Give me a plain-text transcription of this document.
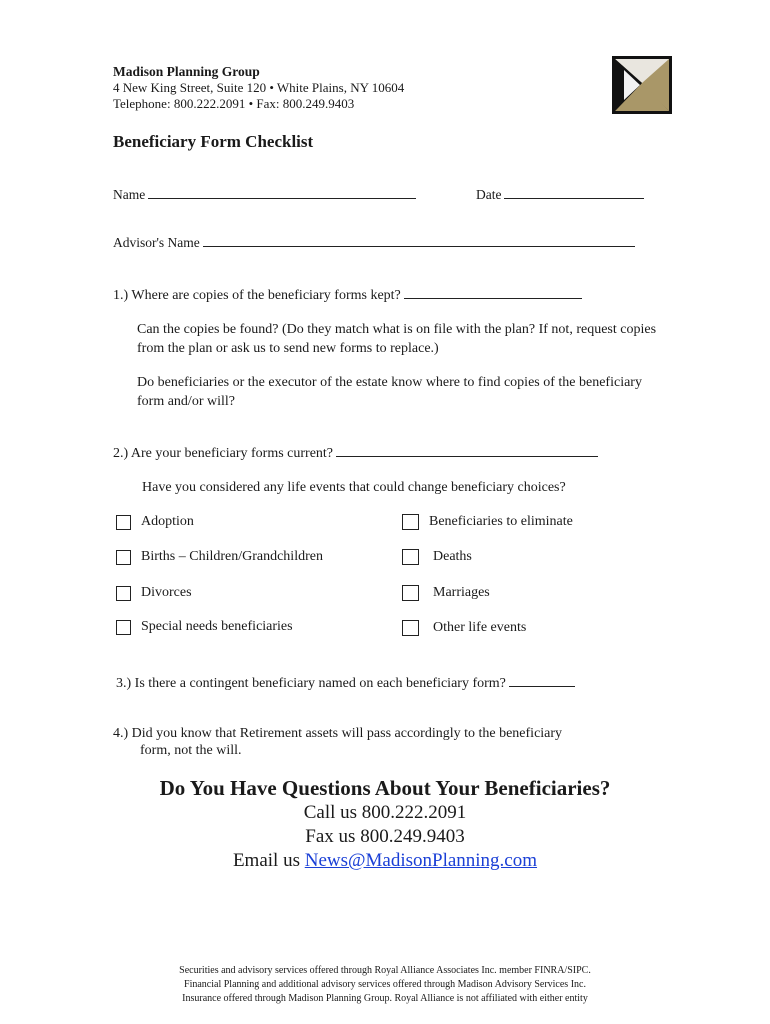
Madison Planning Group
4 New King Street, Suite 120 • White Plains, NY 10604
Telephone: 800.222.2091 • Fax: 800.249.9403
Beneficiary Form Checklist
Name	Date
Advisor's Name
1.) Where are copies of the beneficiary forms kept?
Can the copies be found? (Do they match what is on file with the plan? If not, request copies from the plan or ask us to send new forms to replace.)
Do beneficiaries or the executor of the estate know where to find copies of the beneficiary form and/or will?
2.) Are your beneficiary forms current?
Have you considered any life events that could change beneficiary choices?
Adoption	Beneficiaries to eliminate
Births – Children/Grandchildren	Deaths
Divorces	Marriages
Special needs beneficiaries	Other life events
3.) Is there a contingent beneficiary named on each beneficiary form?
4.) Did you know that Retirement assets will pass accordingly to the beneficiary
form, not the will.
Do You Have Questions About Your Beneficiaries?
Call us 800.222.2091
Fax us 800.249.9403
Email us News@MadisonPlanning.com
Securities and advisory services offered through Royal Alliance Associates Inc. member FINRA/SIPC.
Financial Planning and additional advisory services offered through Madison Advisory Services Inc.
Insurance offered through Madison Planning Group. Royal Alliance is not affiliated with either entity
